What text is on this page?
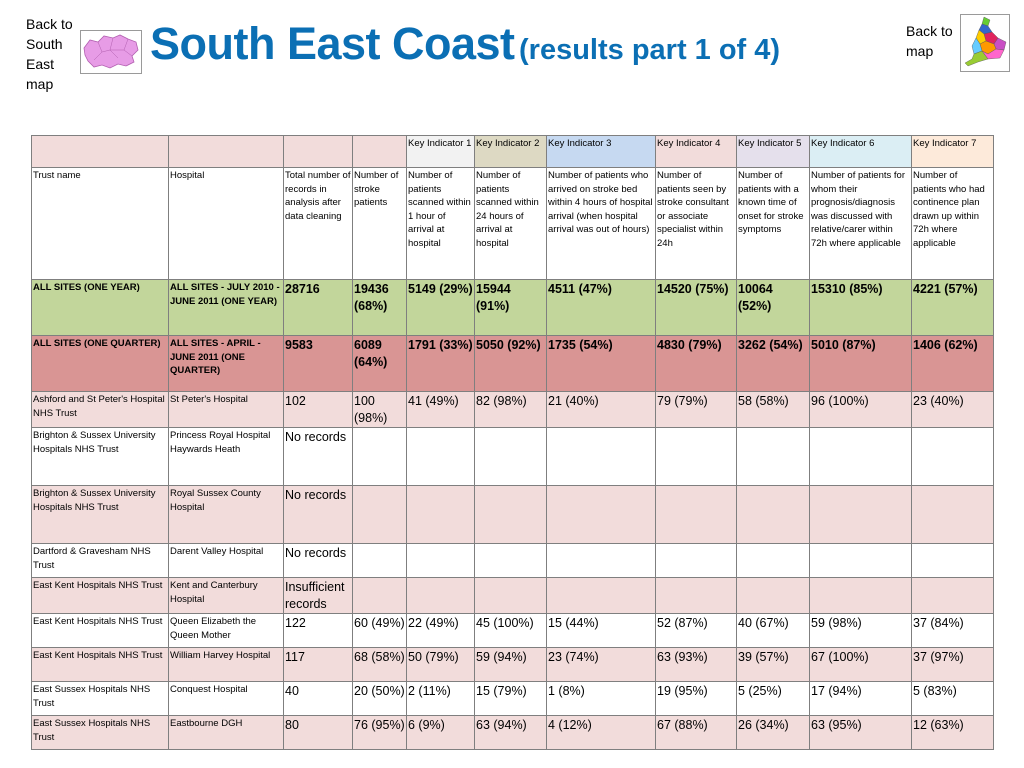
Back to South East map
South East Coast (results part 1 of 4)
Back to map
				Key Indicator 1	Key Indicator 2	Key Indicator 3	Key Indicator 4	Key Indicator 5	Key Indicator 6	Key Indicator 7
Trust name	Hospital	Total number of records in analysis after data cleaning	Number of stroke patients	Number of patients scanned within 1 hour of arrival at hospital	Number of patients scanned within 24 hours of arrival at hospital	Number of patients who arrived on stroke bed within 4 hours of hospital arrival (when hospital arrival was out of hours)	Number of patients seen by stroke consultant or associate specialist within 24h	Number of patients with a known time of onset for stroke symptoms	Number of patients for whom their prognosis/diagnosis was discussed with relative/carer within 72h where applicable	Number of patients who had continence plan drawn up within 72h where applicable
ALL SITES (ONE YEAR)	ALL SITES - JULY 2010 - JUNE 2011 (ONE YEAR)	28716	19436 (68%)	5149 (29%)	15944 (91%)	4511 (47%)	14520 (75%)	10064 (52%)	15310 (85%)	4221 (57%)
ALL SITES (ONE QUARTER)	ALL SITES - APRIL - JUNE 2011 (ONE QUARTER)	9583	6089 (64%)	1791 (33%)	5050 (92%)	1735 (54%)	4830 (79%)	3262 (54%)	5010 (87%)	1406 (62%)
Ashford and St Peter's Hospital NHS Trust	St Peter's Hospital	102	100 (98%)	41 (49%)	82 (98%)	21 (40%)	79 (79%)	58 (58%)	96 (100%)	23 (40%)
Brighton & Sussex University Hospitals NHS Trust	Princess Royal Hospital Haywards Heath	No records								
Brighton & Sussex University Hospitals NHS Trust	Royal Sussex County Hospital	No records								
Dartford & Gravesham NHS Trust	Darent Valley Hospital	No records								
East Kent Hospitals NHS Trust	Kent and Canterbury Hospital	Insufficient records								
East Kent Hospitals NHS Trust	Queen Elizabeth the Queen Mother	122	60 (49%)	22 (49%)	45 (100%)	15 (44%)	52 (87%)	40 (67%)	59 (98%)	37 (84%)
East Kent Hospitals NHS Trust	William Harvey Hospital	117	68 (58%)	50 (79%)	59 (94%)	23 (74%)	63 (93%)	39 (57%)	67 (100%)	37 (97%)
East Sussex Hospitals NHS Trust	Conquest Hospital	40	20 (50%)	2 (11%)	15 (79%)	1 (8%)	19 (95%)	5 (25%)	17 (94%)	5 (83%)
East Sussex Hospitals NHS Trust	Eastbourne DGH	80	76 (95%)	6 (9%)	63 (94%)	4 (12%)	67 (88%)	26 (34%)	63 (95%)	12 (63%)
